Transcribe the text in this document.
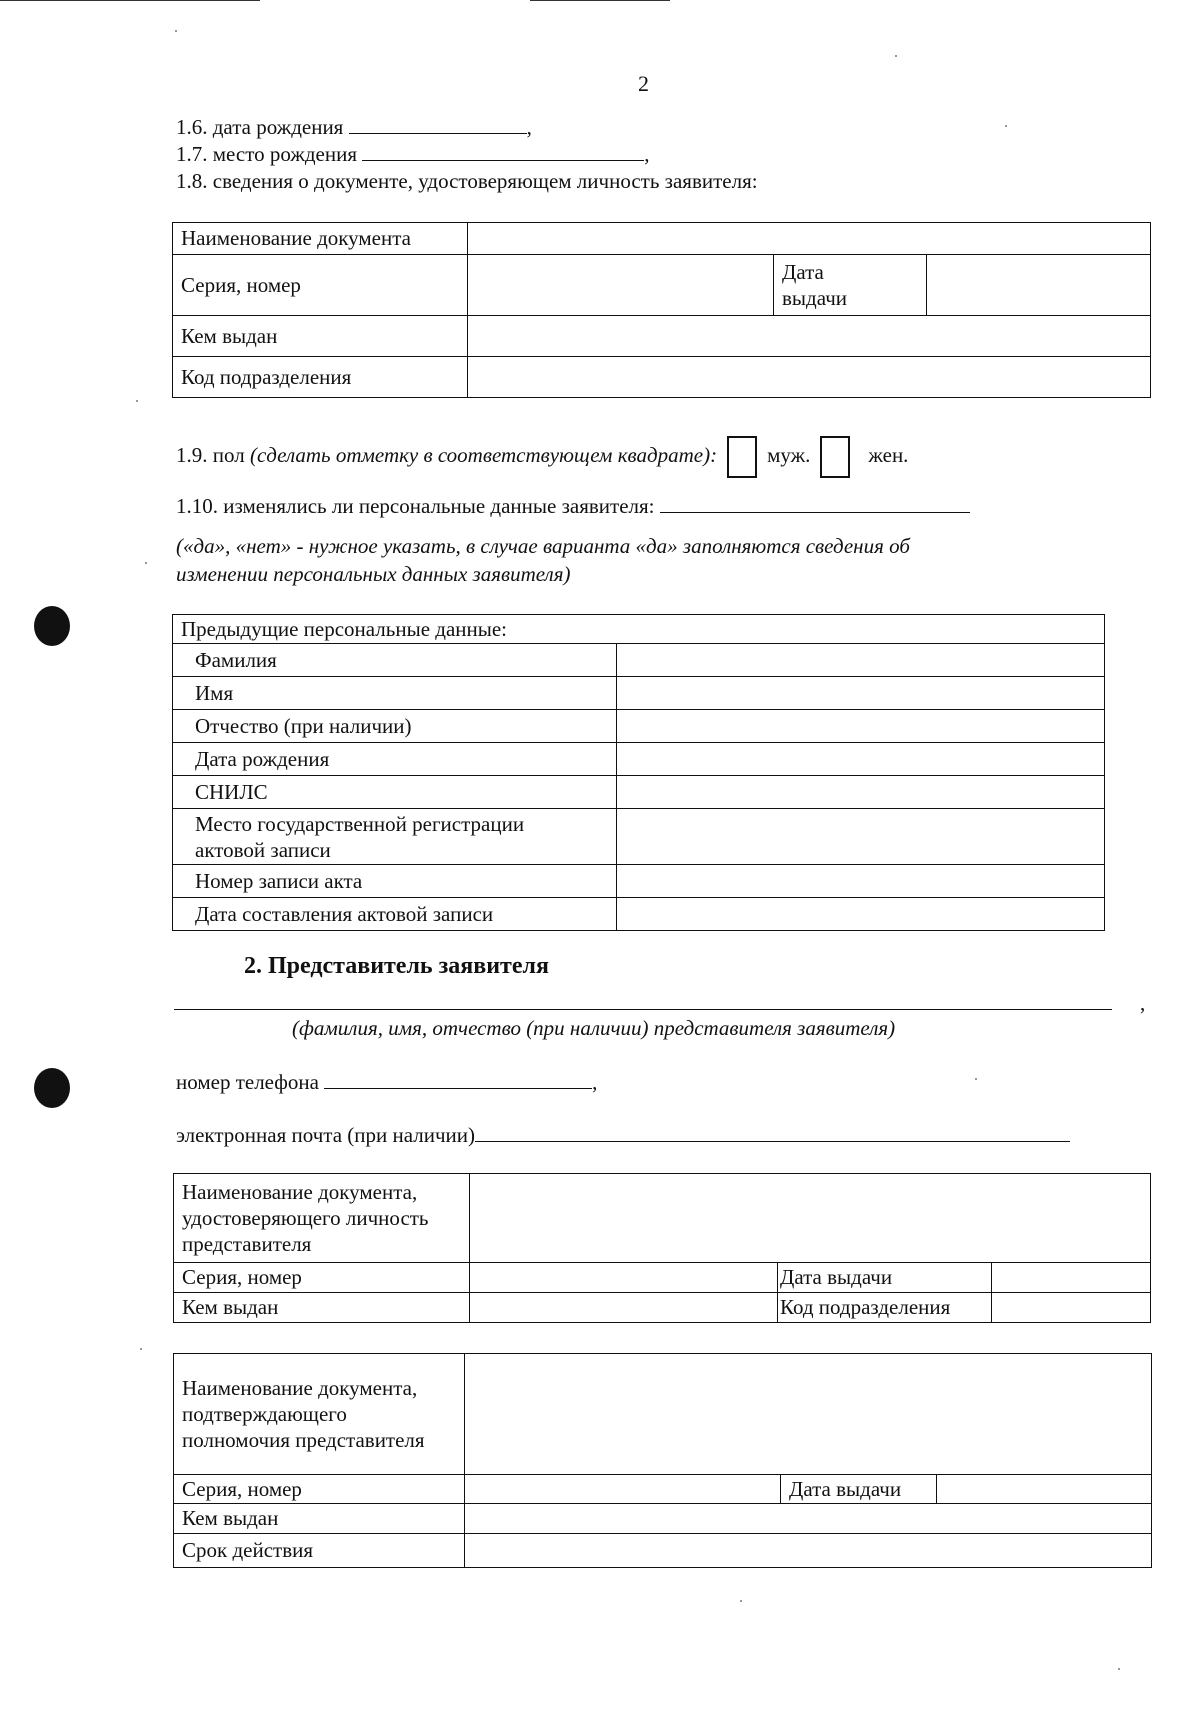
2
1.6. дата рождения	,
1.7. место рождения	,
1.8. сведения о документе, удостоверяющем личность заявителя:
Наименование документа			
Серия, номер		Дата
выдачи	
Кем выдан			
Код подразделения			
1.9. пол (сделать отметку в соответствующем квадрате): муж.	жен.
1.10. изменялись ли персональные данные заявителя:
(«да», «нет» - нужное указать, в случае варианта «да» заполняются сведения об
изменении персональных данных заявителя)
Предыдущие персональные данные:	
Фамилия	
Имя	
Отчество (при наличии)	
Дата рождения	
СНИЛС	
Место государственной регистрации актовой записи	
Номер записи акта	
Дата составления актовой записи	
2. Представитель заявителя
,
(фамилия, имя, отчество (при наличии) представителя заявителя)
номер телефона	,
электронная почта (при наличии)
Наименование документа, удостоверяющего личность представителя			
Серия, номер		Дата выдачи	
Кем выдан		Код подразделения	
Наименование документа, подтверждающего полномочия представителя			
Серия, номер		Дата выдачи	
Кем выдан			
Срок действия			
